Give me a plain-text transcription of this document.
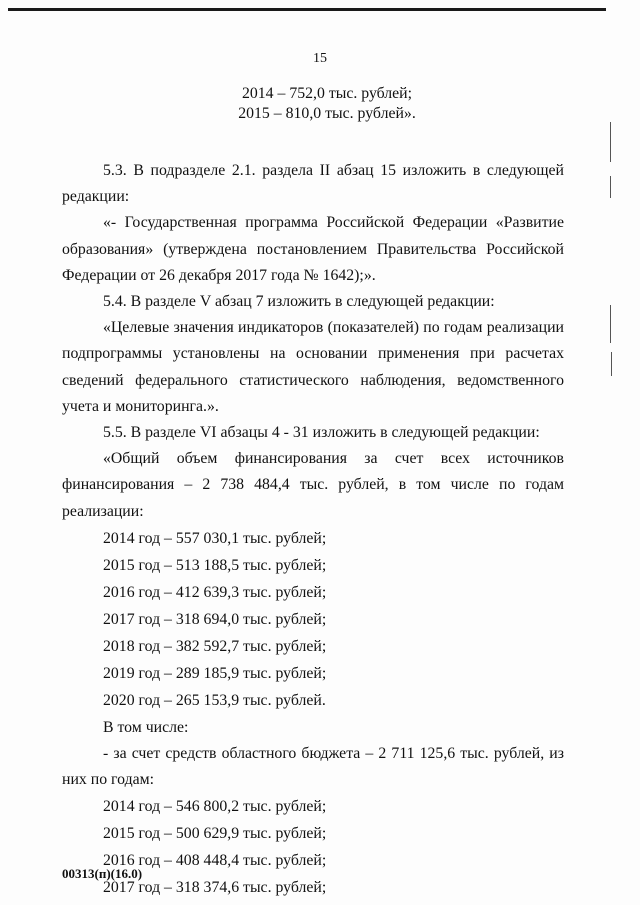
15

2014 – 752,0 тыс. рублей;

2015 – 810,0 тыс. рублей».

5.3. В подразделе 2.1. раздела II абзац 15 изложить в следующей редакции:

«- Государственная программа Российской Федерации «Развитие образования» (утверждена постановлением Правительства Российской Федерации от 26 декабря 2017 года № 1642);».

5.4. В разделе V абзац 7 изложить в следующей редакции:

«Целевые значения индикаторов (показателей) по годам реализации подпрограммы установлены на основании применения при расчетах сведений федерального статистического наблюдения, ведомственного учета и мониторинга.».

5.5. В разделе VI абзацы 4 - 31 изложить в следующей редакции:

«Общий объем финансирования за счет всех источников финансирования – 2 738 484,4 тыс. рублей, в том числе по годам реализации:

2014 год – 557 030,1 тыс. рублей;

2015 год – 513 188,5 тыс. рублей;

2016 год – 412 639,3 тыс. рублей;

2017 год – 318 694,0 тыс. рублей;

2018 год – 382 592,7 тыс. рублей;

2019 год – 289 185,9 тыс. рублей;

2020 год – 265 153,9 тыс. рублей.

В том числе:

- за счет средств областного бюджета – 2 711 125,6 тыс. рублей, из них по годам:

2014 год – 546 800,2 тыс. рублей;

2015 год – 500 629,9 тыс. рублей;

2016 год – 408 448,4 тыс. рублей;

2017 год – 318 374,6 тыс. рублей;

00313(п)(16.0)
